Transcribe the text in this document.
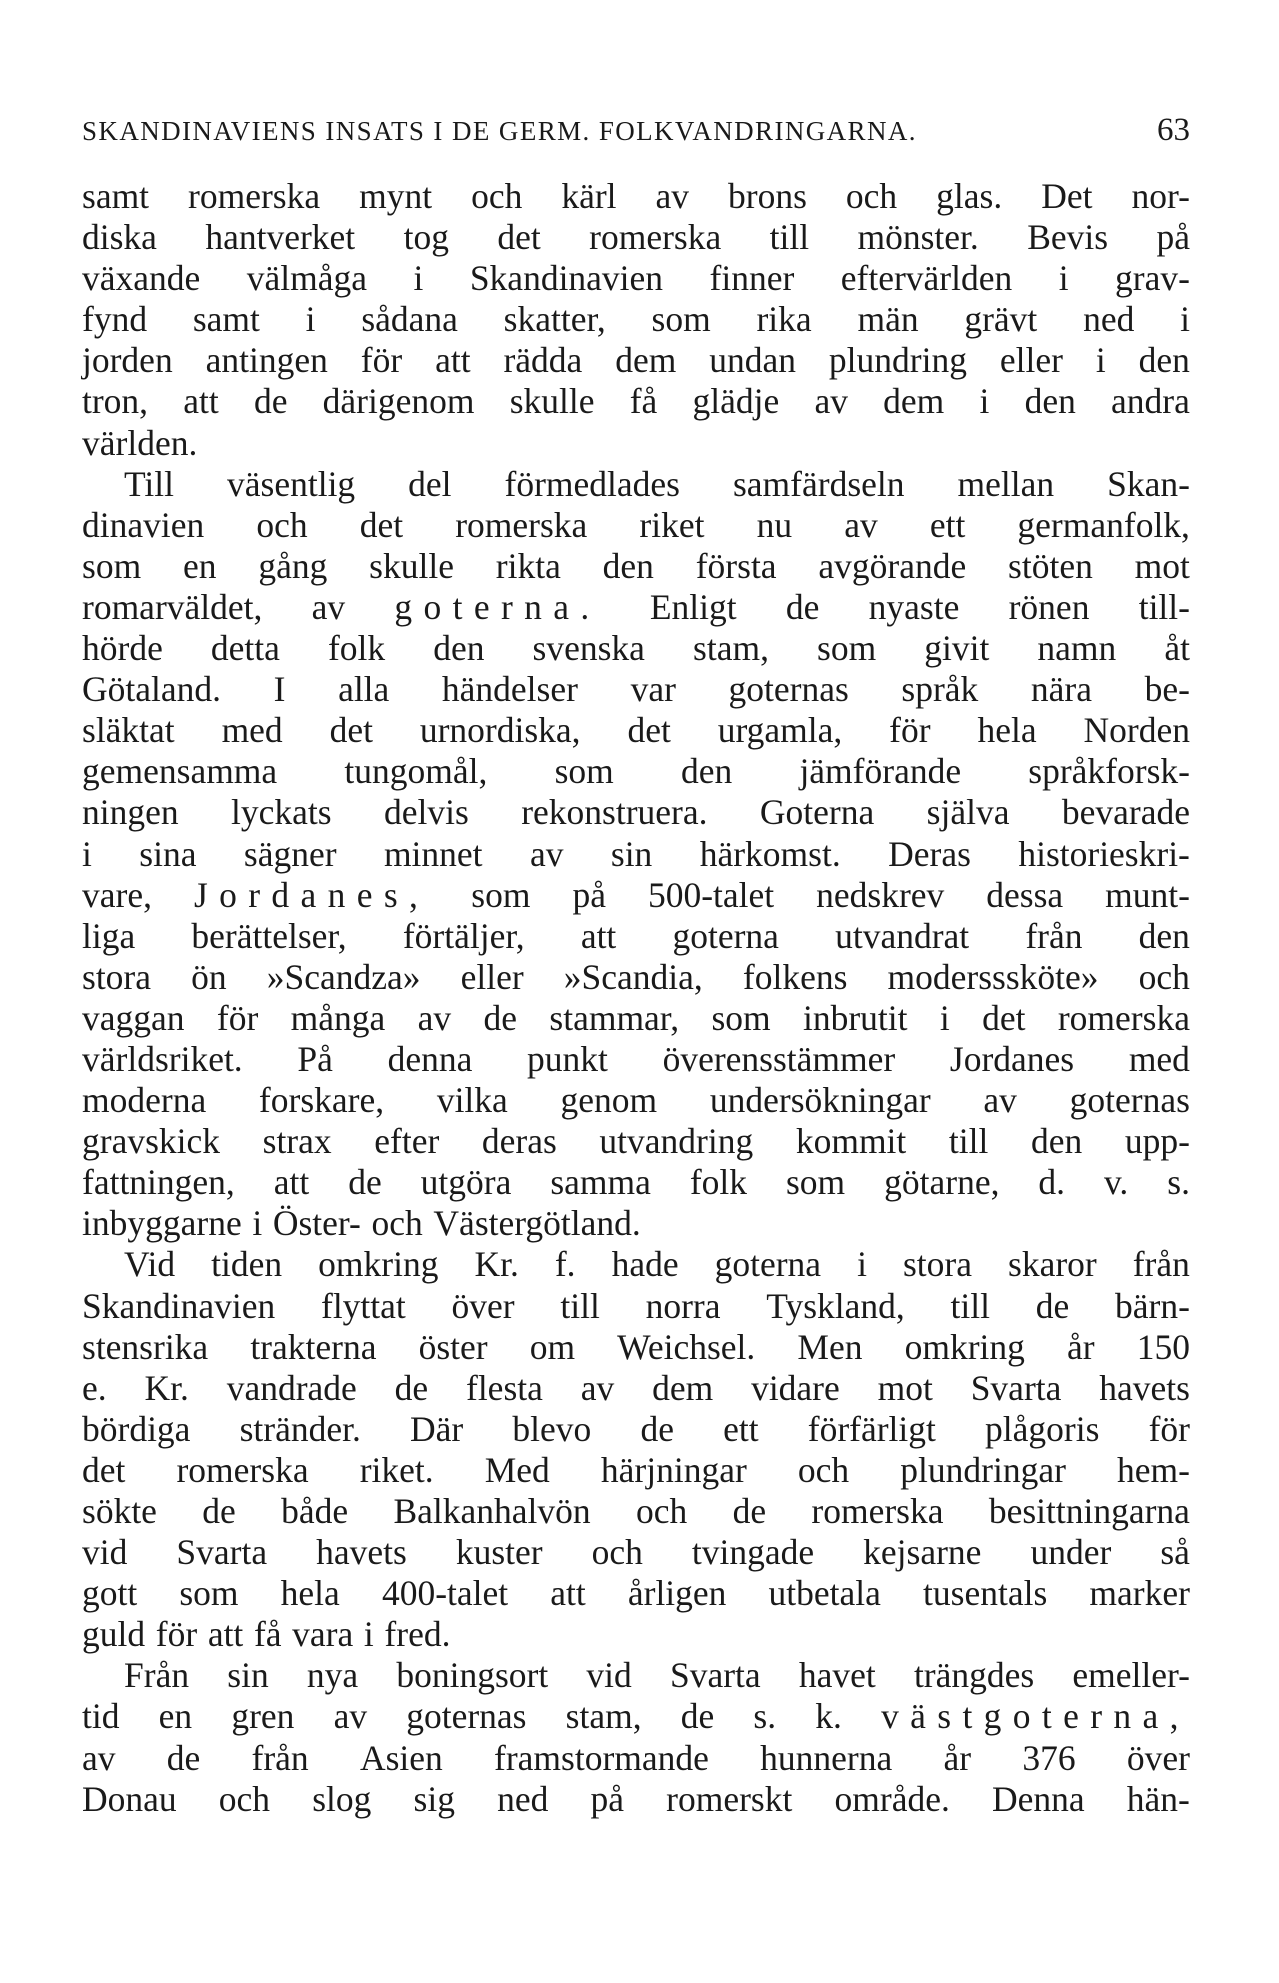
SKANDINAVIENS INSATS I DE GERM. FOLKVANDRINGARNA.	63
samt romerska mynt och kärl av brons och glas. Det nor-
diska hantverket tog det romerska till mönster. Bevis på
växande välmåga i Skandinavien finner eftervärlden i grav-
fynd samt i sådana skatter, som rika män grävt ned i
jorden antingen för att rädda dem undan plundring eller i den
tron, att de därigenom skulle få glädje av dem i den andra
världen.
Till väsentlig del förmedlades samfärdseln mellan Skan-
dinavien och det romerska riket nu av ett germanfolk,
som en gång skulle rikta den första avgörande stöten mot
romarväldet, av goterna. Enligt de nyaste rönen till-
hörde detta folk den svenska stam, som givit namn åt
Götaland. I alla händelser var goternas språk nära be-
släktat med det urnordiska, det urgamla, för hela Norden
gemensamma tungomål, som den jämförande språkforsk-
ningen lyckats delvis rekonstruera. Goterna själva bevarade
i sina sägner minnet av sin härkomst. Deras historieskri-
vare, Jordanes, som på 500-talet nedskrev dessa munt-
liga berättelser, förtäljer, att goterna utvandrat från den
stora ön »Scandza» eller »Scandia, folkens modersssköte» och
vaggan för många av de stammar, som inbrutit i det romerska
världsriket. På denna punkt överensstämmer Jordanes med
moderna forskare, vilka genom undersökningar av goternas
gravskick strax efter deras utvandring kommit till den upp-
fattningen, att de utgöra samma folk som götarne, d. v. s.
inbyggarne i Öster- och Västergötland.
Vid tiden omkring Kr. f. hade goterna i stora skaror från
Skandinavien flyttat över till norra Tyskland, till de bärn-
stensrika trakterna öster om Weichsel. Men omkring år 150
e. Kr. vandrade de flesta av dem vidare mot Svarta havets
bördiga stränder. Där blevo de ett förfärligt plågoris för
det romerska riket. Med härjningar och plundringar hem-
sökte de både Balkanhalvön och de romerska besittningarna
vid Svarta havets kuster och tvingade kejsarne under så
gott som hela 400-talet att årligen utbetala tusentals marker
guld för att få vara i fred.
Från sin nya boningsort vid Svarta havet trängdes emeller-
tid en gren av goternas stam, de s. k. västgoterna,
av de från Asien framstormande hunnerna år 376 över
Donau och slog sig ned på romerskt område. Denna hän-
